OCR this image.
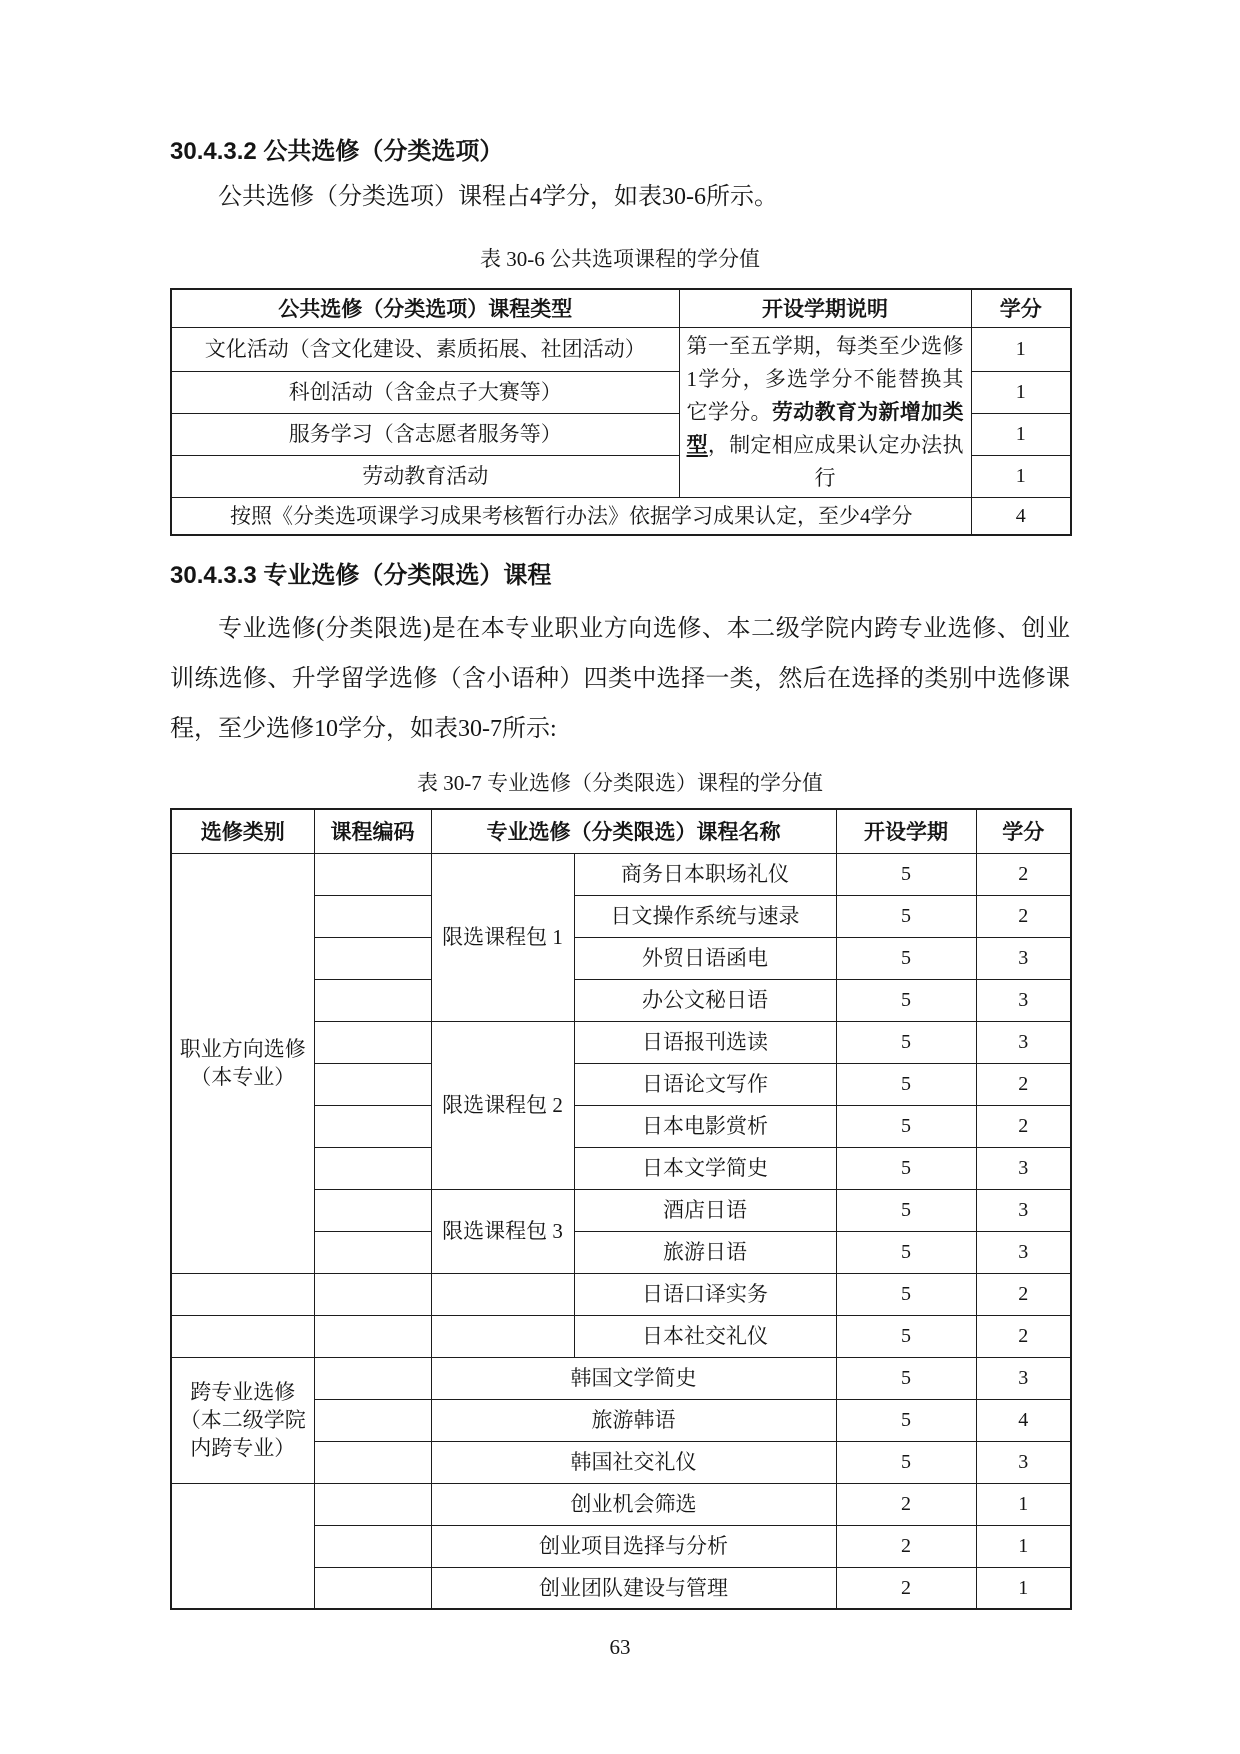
30.4.3.2 公共选修（分类选项）

公共选修（分类选项）课程占4学分，如表30-6所示。

表 30-6 公共选项课程的学分值
公共选修（分类选项）课程类型	开设学期说明	学分
文化活动（含文化建设、素质拓展、社团活动）	第一至五学期，每类至少选修1学分，多选学分不能替换其它学分。劳动教育为新增加类型，制定相应成果认定办法执行	1
科创活动（含金点子大赛等）		1
服务学习（含志愿者服务等）		1
劳动教育活动		1
按照《分类选项课学习成果考核暂行办法》依据学习成果认定，至少4学分		4
30.4.3.3 专业选修（分类限选）课程

专业选修(分类限选)是在本专业职业方向选修、本二级学院内跨专业选修、创业训练选修、升学留学选修（含小语种）四类中选择一类，然后在选择的类别中选修课程，至少选修10学分，如表30-7所示:

表 30-7 专业选修（分类限选）课程的学分值
选修类别	课程编码	专业选修（分类限选）课程名称		开设学期	学分
职业方向选修（本专业）		限选课程包 1	商务日本职场礼仪	5	2
			日文操作系统与速录	5	2
			外贸日语函电	5	3
			办公文秘日语	5	3
		限选课程包 2	日语报刊选读	5	3
			日语论文写作	5	2
			日本电影赏析	5	2
			日本文学简史	5	3
		限选课程包 3	酒店日语	5	3
			旅游日语	5	3
			日语口译实务	5	2
			日本社交礼仪	5	2
跨专业选修（本二级学院内跨专业）		韩国文学简史		5	3
		旅游韩语		5	4
		韩国社交礼仪		5	3
		创业机会筛选		2	1
		创业项目选择与分析		2	1
		创业团队建设与管理		2	1
63
